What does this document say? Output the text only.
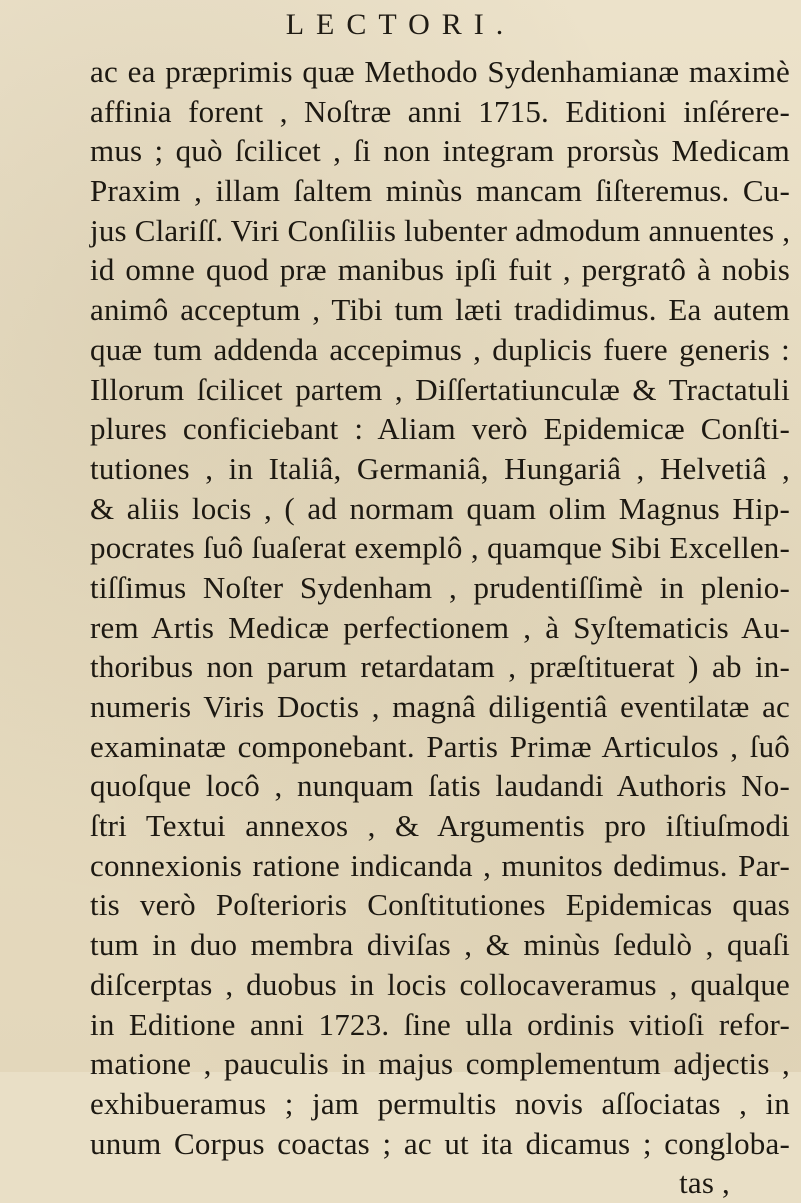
LECTORI.
ac ea præprimis quæ Methodo Sydenhamianæ maximè
affinia forent , Noſtræ anni 1715. Editioni inſérere-
mus ; quò ſcilicet , ſi non integram prorsùs Medicam
Praxim , illam ſaltem minùs mancam ſiſteremus. Cu-
jus Clariſſ. Viri Conſiliis lubenter admodum annuentes ,
id omne quod præ manibus ipſi fuit , pergratô à nobis
animô acceptum , Tibi tum læti tradidimus. Ea autem
quæ tum addenda accepimus , duplicis fuere generis :
Illorum ſcilicet partem , Diſſertatiunculæ & Tractatuli
plures conficiebant : Aliam verò Epidemicæ Conſti-
tutiones , in Italiâ, Germaniâ, Hungariâ , Helvetiâ ,
& aliis locis , ( ad normam quam olim Magnus Hip-
pocrates ſuô ſuaſerat exemplô , quamque Sibi Excellen-
tiſſimus Noſter Sydenham , prudentiſſimè in plenio-
rem Artis Medicæ perfectionem , à Syſtematicis Au-
thoribus non parum retardatam , præſtituerat ) ab in-
numeris Viris Doctis , magnâ diligentiâ eventilatæ ac
examinatæ componebant. Partis Primæ Articulos , ſuô
quoſque locô , nunquam ſatis laudandi Authoris No-
ſtri Textui annexos , & Argumentis pro iſtiuſmodi
connexionis ratione indicanda , munitos dedimus. Par-
tis verò Poſterioris Conſtitutiones Epidemicas quas
tum in duo membra diviſas , & minùs ſedulò , quaſi
diſcerptas , duobus in locis collocaveramus , qualque
in Editione anni 1723. ſine ulla ordinis vitioſi refor-
matione , pauculis in majus complementum adjectis ,
exhibueramus ; jam permultis novis aſſociatas , in
unum Corpus coactas ; ac ut ita dicamus ; congloba-
tas ,
